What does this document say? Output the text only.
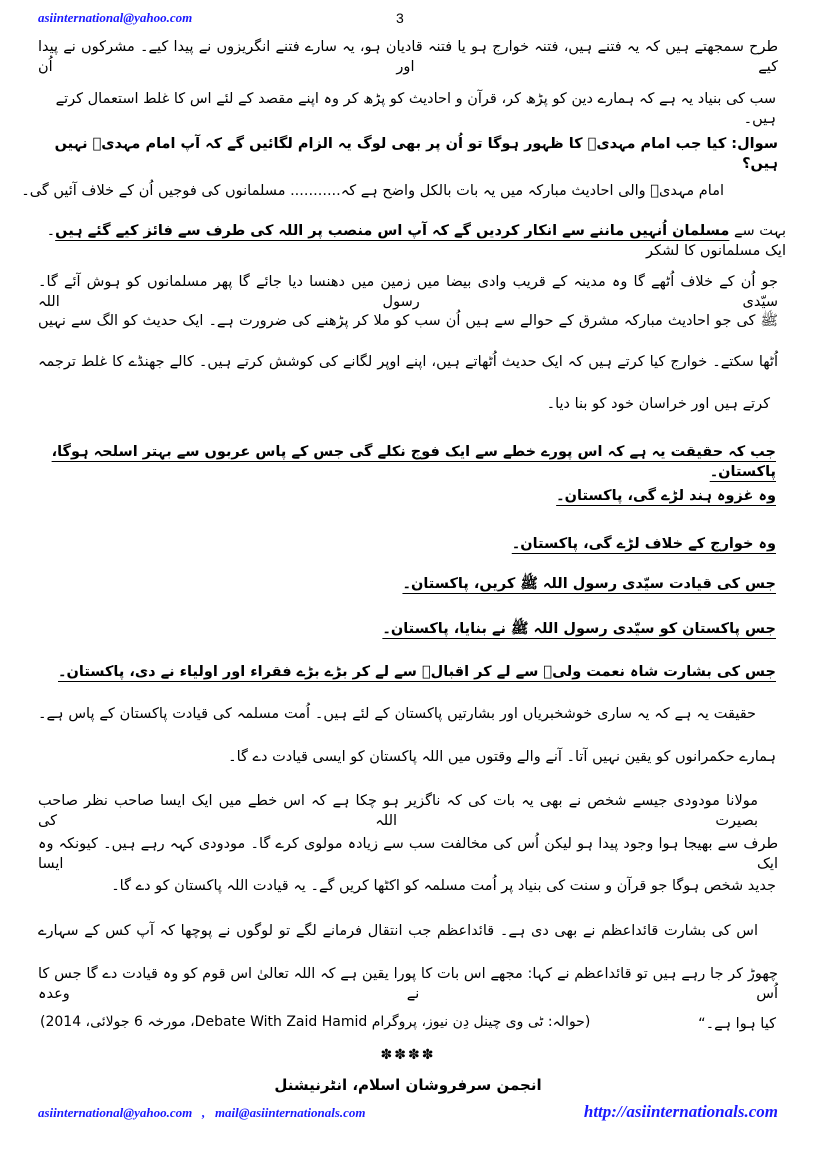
asiinternational@yahoo.com	3
طرح سمجھتے ہیں کہ یہ فتنے ہیں، فتنہ خوارج ہو یا فتنہ قادیان ہو، یہ سارے فتنے انگریزوں نے پیدا کیے۔ مشرکوں نے پیدا کیے اور اُن
سب کی بنیاد یہ ہے کہ ہمارے دین کو پڑھ کر، قرآن و احادیث کو پڑھ کر وہ اپنے مقصد کے لئے اس کا غلط استعمال کرتے ہیں۔
سوال: کیا جب امام مہدیؑ کا ظہور ہوگا تو اُن پر بھی لوگ یہ الزام لگائیں گے کہ آپ امام مہدیؑ نہیں ہیں؟
امام مہدیؑ والی احادیث مبارکہ میں یہ بات بالکل واضح ہے کہ........... مسلمانوں کی فوجیں اُن کے خلاف آئیں گی۔
بہت سے مسلمان اُنہیں ماننے سے انکار کردیں گے کہ آپ اس منصب پر اللہ کی طرف سے فائز کیے گئے ہیں۔ ایک مسلمانوں کا لشکر
جو اُن کے خلاف اُٹھے گا وہ مدینہ کے قریب وادی بیضا میں زمین میں دھنسا دیا جائے گا پھر مسلمانوں کو ہوش آئے گا۔ سیّدی رسول اللہ
ﷺ کی جو احادیث مبارکہ مشرق کے حوالے سے ہیں اُن سب کو ملا کر پڑھنے کی ضرورت ہے۔ ایک حدیث کو الگ سے نہیں
اُٹھا سکتے۔ خوارج کیا کرتے ہیں کہ ایک حدیث اُٹھاتے ہیں، اپنے اوپر لگانے کی کوشش کرتے ہیں۔ کالے جھنڈے کا غلط ترجمہ
کرتے ہیں اور خراسان خود کو بنا دیا۔
جب کہ حقیقت یہ ہے کہ اس پورے خطے سے ایک فوج نکلے گی جس کے پاس عربوں سے بہتر اسلحہ ہوگا، پاکستان۔
وہ غزوہ ہند لڑے گی، پاکستان۔
وہ خوارج کے خلاف لڑے گی، پاکستان۔
جس کی قیادت سیّدی رسول اللہ ﷺ کریں، پاکستان۔
جس پاکستان کو سیّدی رسول اللہ ﷺ نے بنایا، پاکستان۔
جس کی بشارت شاہ نعمت ولیؒ سے لے کر اقبالؒ سے لے کر بڑے بڑے فقراء اور اولیاء نے دی، پاکستان۔
حقیقت یہ ہے کہ یہ ساری خوشخبریاں اور بشارتیں پاکستان کے لئے ہیں۔ اُمت مسلمہ کی قیادت پاکستان کے پاس ہے۔
ہمارے حکمرانوں کو یقین نہیں آتا۔ آنے والے وقتوں میں اللہ پاکستان کو ایسی قیادت دے گا۔
مولانا مودودی جیسے شخص نے بھی یہ بات کی کہ ناگزیر ہو چکا ہے کہ اس خطے میں ایک ایسا صاحب نظر صاحب بصیرت اللہ کی
طرف سے بھیجا ہوا وجود پیدا ہو لیکن اُس کی مخالفت سب سے زیادہ مولوی کرے گا۔ مودودی کہہ رہے ہیں۔ کیونکہ وہ ایک ایسا
جدید شخص ہوگا جو قرآن و سنت کی بنیاد پر اُمت مسلمہ کو اکٹھا کریں گے۔ یہ قیادت اللہ پاکستان کو دے گا۔
اس کی بشارت قائداعظم نے بھی دی ہے۔ قائداعظم جب انتقال فرمانے لگے تو لوگوں نے پوچھا کہ آپ کس کے سہارے
چھوڑ کر جا رہے ہیں تو قائداعظم نے کہا: مجھے اس بات کا پورا یقین ہے کہ اللہ تعالیٰ اس قوم کو وہ قیادت دے گا جس کا اُس نے وعدہ
کیا ہوا ہے۔“
(حوالہ: ٹی وی چینل دِن نیوز، پروگرام Debate With Zaid Hamid، مورخہ 6 جولائی، 2014)
✽✽✽✽
انجمن سرفروشان اسلام، انٹرنیشنل
asiinternational@yahoo.com   ,   mail@asiinternationals.com	http://asiinternationals.com
